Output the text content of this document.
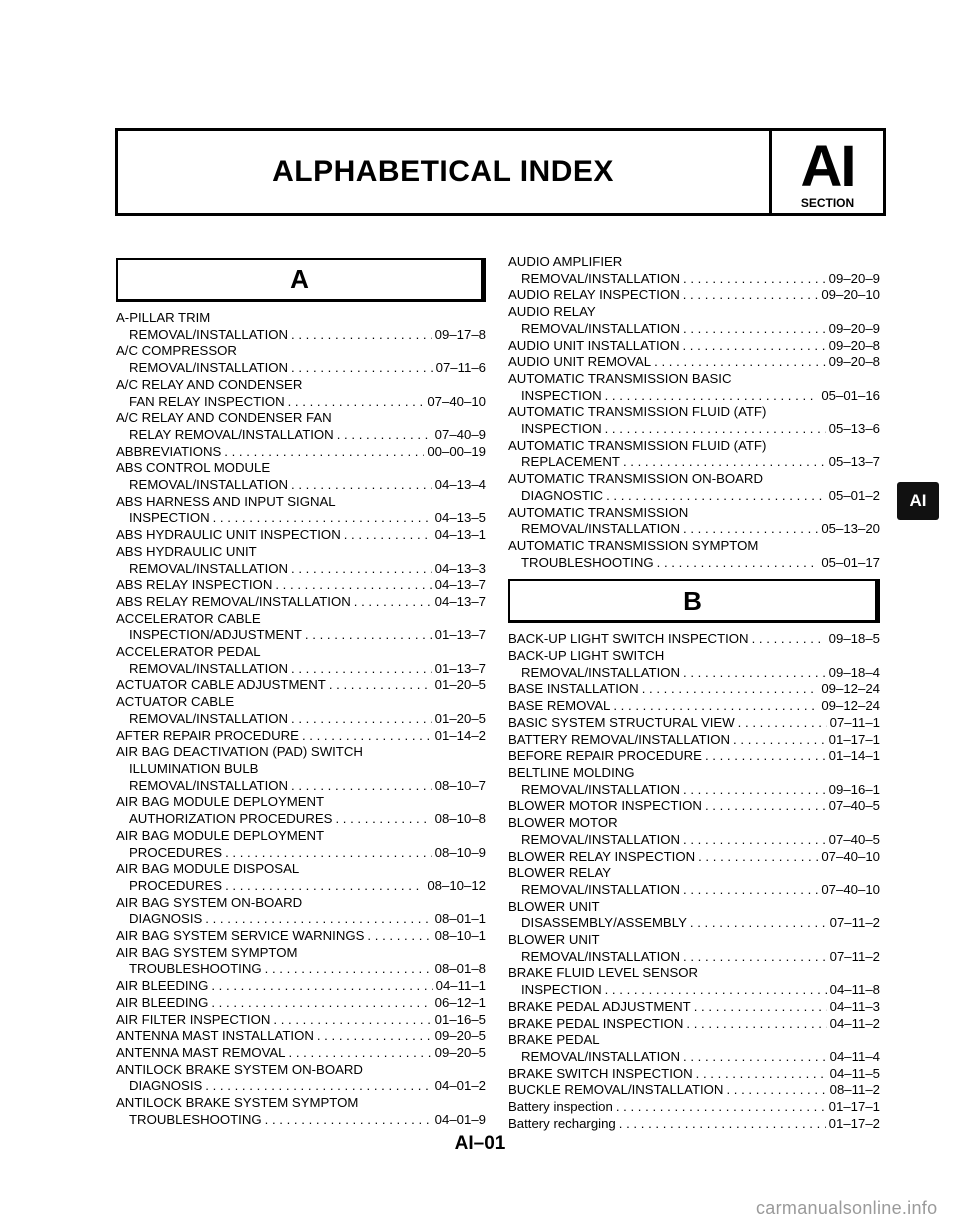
ALPHABETICAL INDEX	AI
SECTION
A
A-PILLAR TRIM
REMOVAL/INSTALLATION . . .	09–17–8
A/C COMPRESSOR
REMOVAL/INSTALLATION . . .	07–11–6
A/C RELAY AND CONDENSER
FAN RELAY INSPECTION . . .	07–40–10
A/C RELAY AND CONDENSER FAN
RELAY REMOVAL/INSTALLATION . . .	07–40–9
ABBREVIATIONS . . .	00–00–19
ABS CONTROL MODULE
REMOVAL/INSTALLATION . . .	04–13–4
ABS HARNESS AND INPUT SIGNAL
INSPECTION . . .	04–13–5
ABS HYDRAULIC UNIT INSPECTION . . .	04–13–1
ABS HYDRAULIC UNIT
REMOVAL/INSTALLATION . . .	04–13–3
ABS RELAY INSPECTION . . .	04–13–7
ABS RELAY REMOVAL/INSTALLATION . . .	04–13–7
ACCELERATOR CABLE
INSPECTION/ADJUSTMENT . . .	01–13–7
ACCELERATOR PEDAL
REMOVAL/INSTALLATION . . .	01–13–7
ACTUATOR CABLE ADJUSTMENT . . .	01–20–5
ACTUATOR CABLE
REMOVAL/INSTALLATION . . .	01–20–5
AFTER REPAIR PROCEDURE . . .	01–14–2
AIR BAG DEACTIVATION (PAD) SWITCH
ILLUMINATION BULB
REMOVAL/INSTALLATION . . .	08–10–7
AIR BAG MODULE DEPLOYMENT
AUTHORIZATION PROCEDURES . . .	08–10–8
AIR BAG MODULE DEPLOYMENT
PROCEDURES . . .	08–10–9
AIR BAG MODULE DISPOSAL
PROCEDURES . . .	08–10–12
AIR BAG SYSTEM ON-BOARD
DIAGNOSIS . . .	08–01–1
AIR BAG SYSTEM SERVICE WARNINGS . . .	08–10–1
AIR BAG SYSTEM SYMPTOM
TROUBLESHOOTING . . .	08–01–8
AIR BLEEDING . . .	04–11–1
AIR BLEEDING . . .	06–12–1
AIR FILTER INSPECTION . . .	01–16–5
ANTENNA MAST INSTALLATION . . .	09–20–5
ANTENNA MAST REMOVAL . . .	09–20–5
ANTILOCK BRAKE SYSTEM ON-BOARD
DIAGNOSIS . . .	04–01–2
ANTILOCK BRAKE SYSTEM SYMPTOM
TROUBLESHOOTING . . .	04–01–9
AUDIO AMPLIFIER
REMOVAL/INSTALLATION . . .	09–20–9
AUDIO RELAY INSPECTION . . .	09–20–10
AUDIO RELAY
REMOVAL/INSTALLATION . . .	09–20–9
AUDIO UNIT INSTALLATION . . .	09–20–8
AUDIO UNIT REMOVAL . . .	09–20–8
AUTOMATIC TRANSMISSION BASIC
INSPECTION . . .	05–01–16
AUTOMATIC TRANSMISSION FLUID (ATF)
INSPECTION . . .	05–13–6
AUTOMATIC TRANSMISSION FLUID (ATF)
REPLACEMENT . . .	05–13–7
AUTOMATIC TRANSMISSION ON-BOARD
DIAGNOSTIC . . .	05–01–2
AUTOMATIC TRANSMISSION
REMOVAL/INSTALLATION . . .	05–13–20
AUTOMATIC TRANSMISSION SYMPTOM
TROUBLESHOOTING . . .	05–01–17
B
BACK-UP LIGHT SWITCH INSPECTION . . .	09–18–5
BACK-UP LIGHT SWITCH
REMOVAL/INSTALLATION . . .	09–18–4
BASE INSTALLATION . . .	09–12–24
BASE REMOVAL . . .	09–12–24
BASIC SYSTEM STRUCTURAL VIEW . . .	07–11–1
BATTERY REMOVAL/INSTALLATION . . .	01–17–1
BEFORE REPAIR PROCEDURE . . .	01–14–1
BELTLINE MOLDING
REMOVAL/INSTALLATION . . .	09–16–1
BLOWER MOTOR INSPECTION . . .	07–40–5
BLOWER MOTOR
REMOVAL/INSTALLATION . . .	07–40–5
BLOWER RELAY INSPECTION . . .	07–40–10
BLOWER RELAY
REMOVAL/INSTALLATION . . .	07–40–10
BLOWER UNIT
DISASSEMBLY/ASSEMBLY . . .	07–11–2
BLOWER UNIT
REMOVAL/INSTALLATION . . .	07–11–2
BRAKE FLUID LEVEL SENSOR
INSPECTION . . .	04–11–8
BRAKE PEDAL ADJUSTMENT . . .	04–11–3
BRAKE PEDAL INSPECTION . . .	04–11–2
BRAKE PEDAL
REMOVAL/INSTALLATION . . .	04–11–4
BRAKE SWITCH INSPECTION . . .	04–11–5
BUCKLE REMOVAL/INSTALLATION . . .	08–11–2
Battery inspection . . .	01–17–1
Battery recharging . . .	01–17–2
AI
AI–01
carmanualsonline.info
